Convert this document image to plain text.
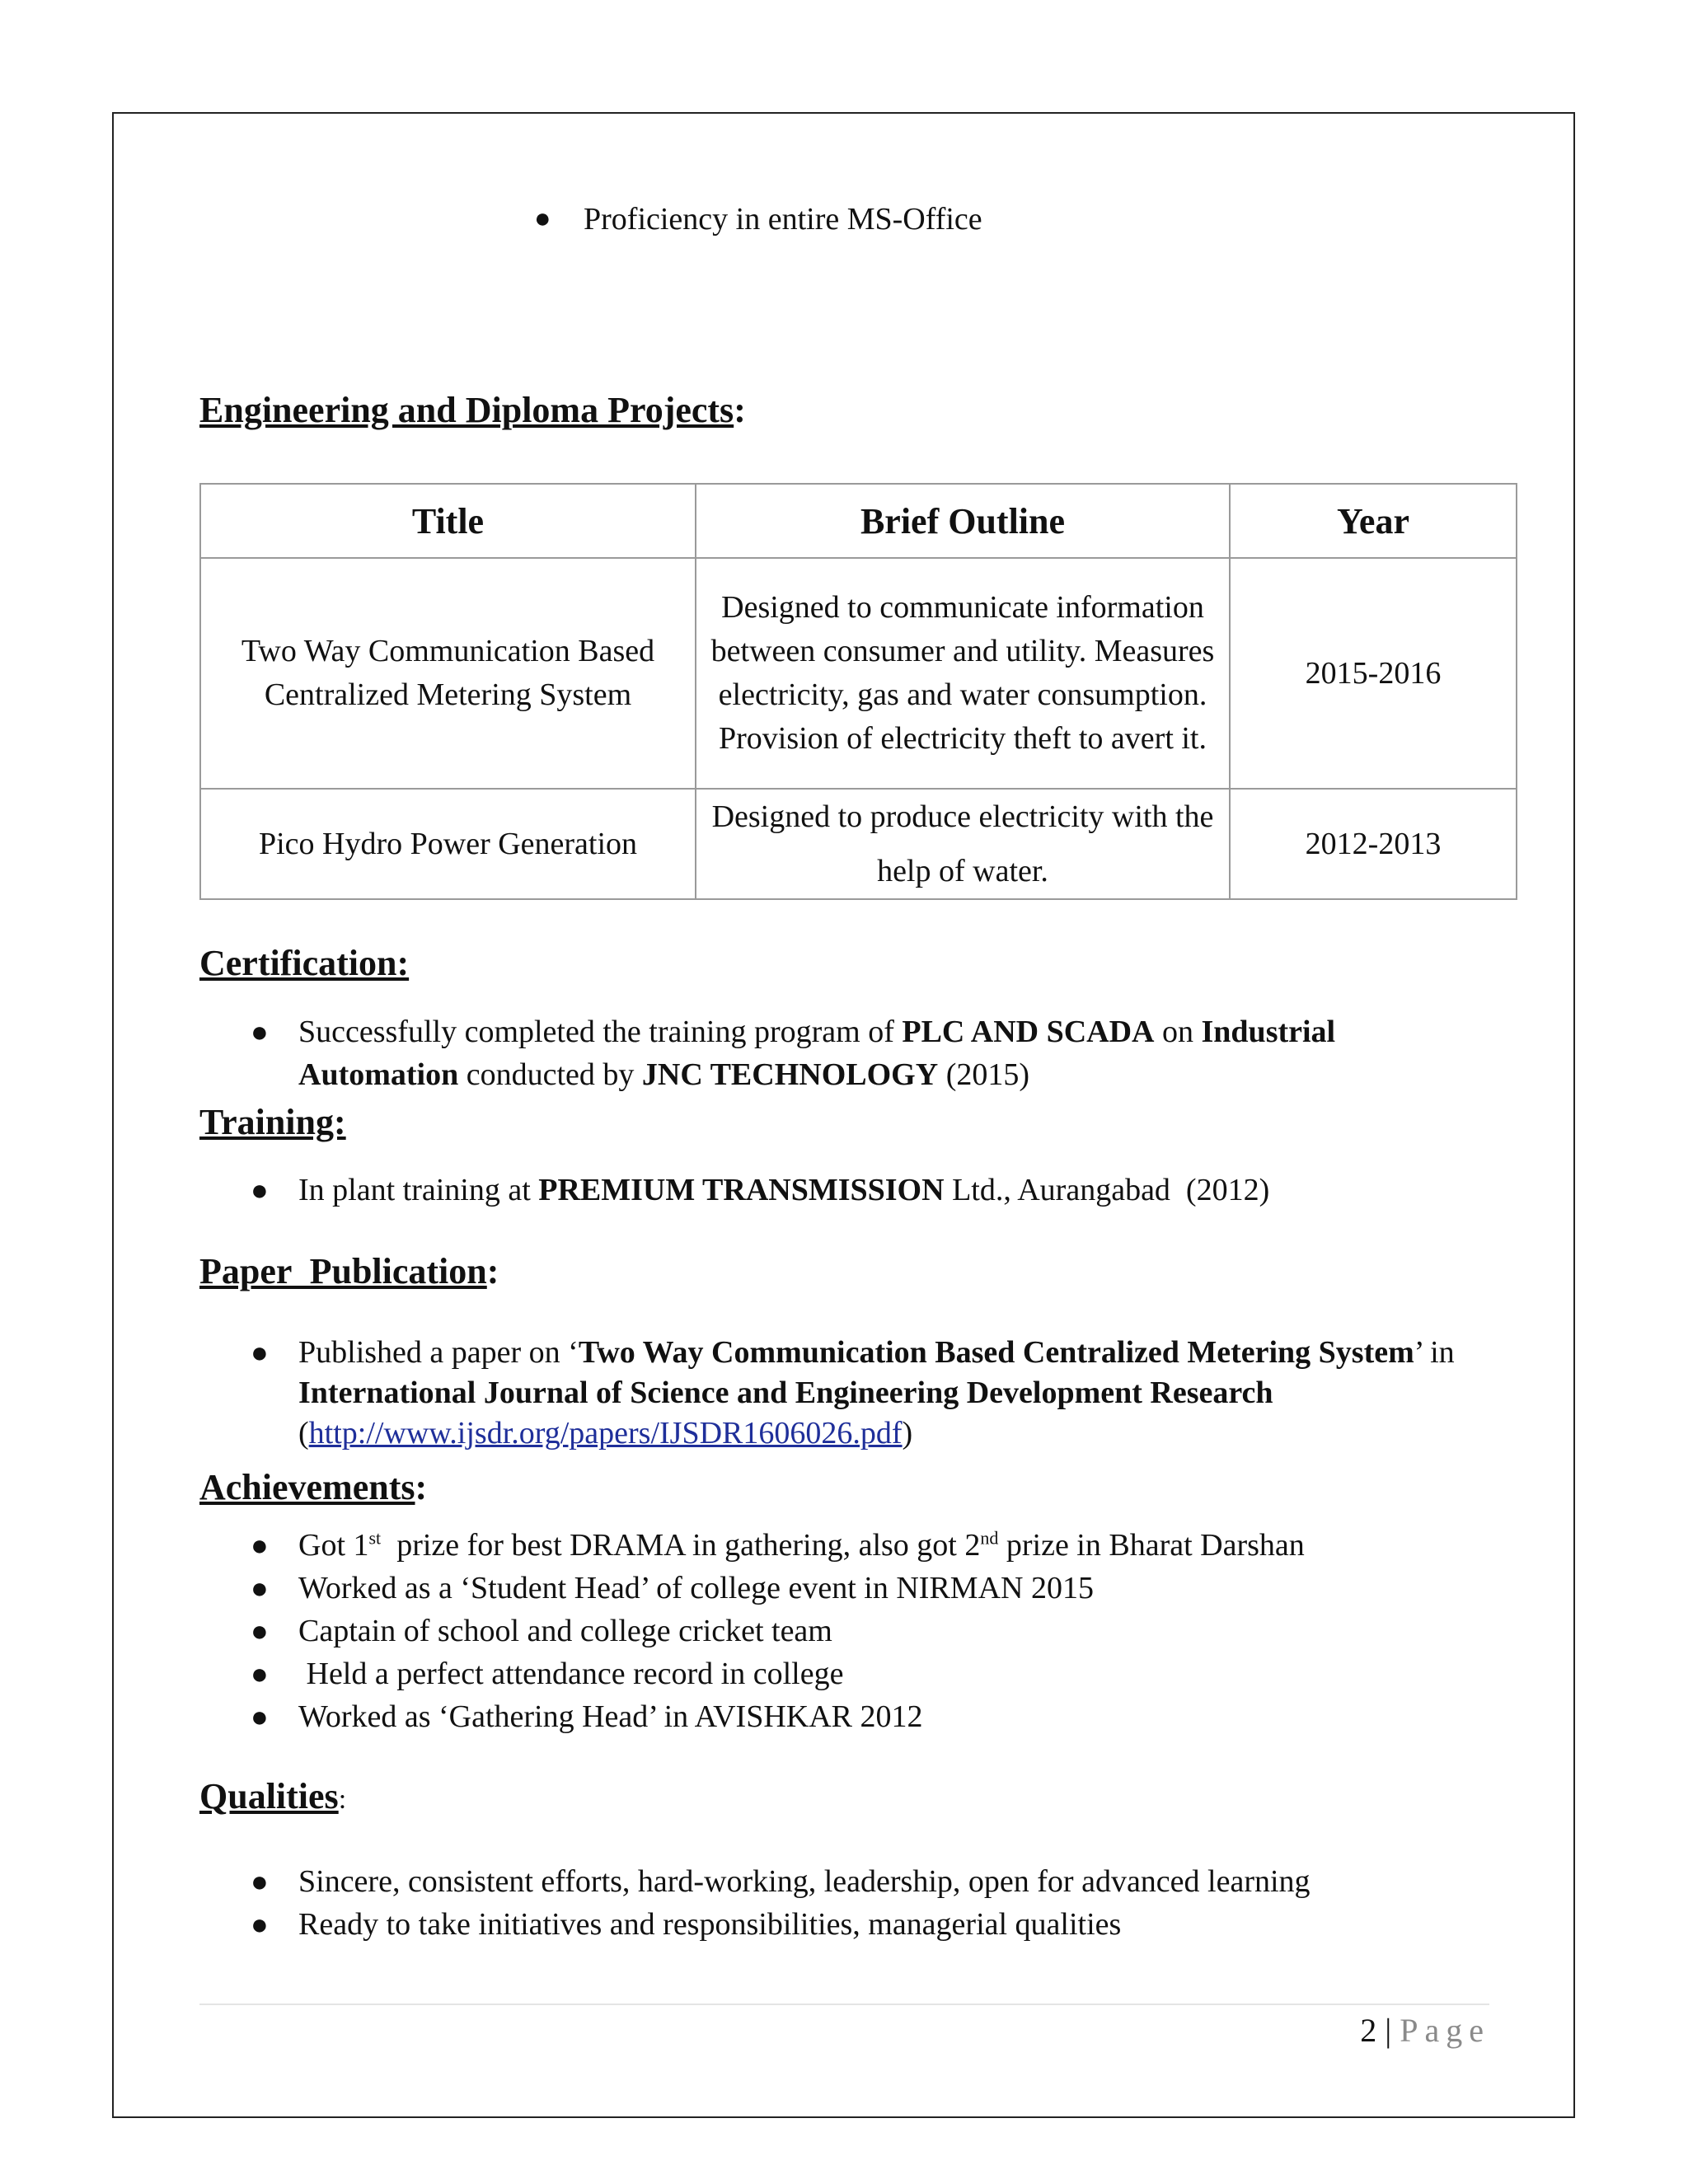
● Proficiency in entire MS-Office
Engineering and Diploma Projects:
Title	Brief Outline	Year
Two Way Communication Based Centralized Metering System	Designed to communicate information between consumer and utility. Measures electricity, gas and water consumption. Provision of electricity theft to avert it.	2015-2016
Pico Hydro Power Generation	Designed to produce electricity with the help of water.	2012-2013
Certification:
● Successfully completed the training program of PLC AND SCADA on Industrial Automation conducted by JNC TECHNOLOGY (2015)
Training:
● In plant training at PREMIUM TRANSMISSION Ltd., Aurangabad  (2012)
Paper  Publication:
● Published a paper on ‘Two Way Communication Based Centralized Metering System’ in International Journal of Science and Engineering Development Research
(http://www.ijsdr.org/papers/IJSDR1606026.pdf)
Achievements:
● Got 1st  prize for best DRAMA in gathering, also got 2nd prize in Bharat Darshan
● Worked as a ‘Student Head’ of college event in NIRMAN 2015
● Captain of school and college cricket team
● Held a perfect attendance record in college
● Worked as ‘Gathering Head’ in AVISHKAR 2012
Qualities:
● Sincere, consistent efforts, hard-working, leadership, open for advanced learning
● Ready to take initiatives and responsibilities, managerial qualities
2 | Page
